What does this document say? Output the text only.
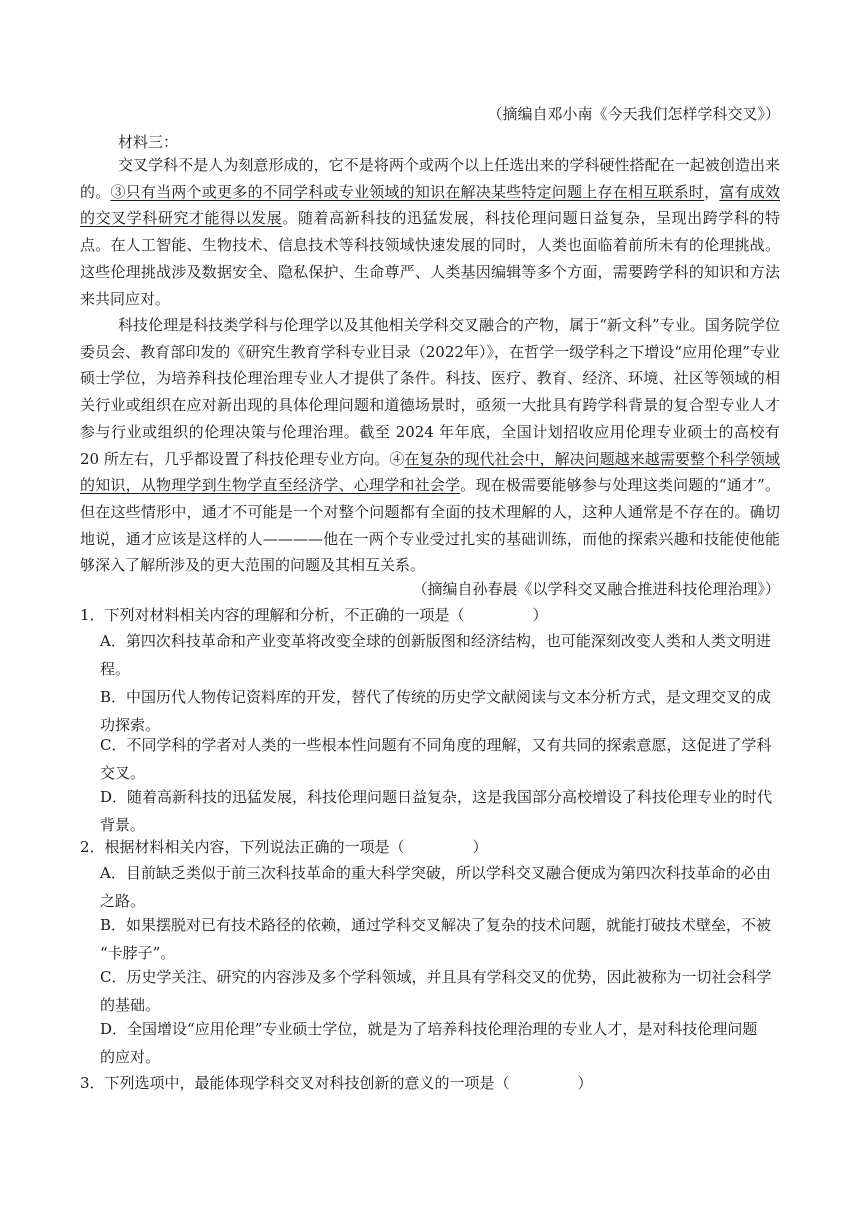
（摘编自邓小南《今天我们怎样学科交叉》）
材料三：
交叉学科不是人为刻意形成的，它不是将两个或两个以上任选出来的学科硬性搭配在一起被创造出来的。③只有当两个或更多的不同学科或专业领域的知识在解决某些特定问题上存在相互联系时，富有成效的交叉学科研究才能得以发展。随着高新科技的迅猛发展，科技伦理问题日益复杂，呈现出跨学科的特点。在人工智能、生物技术、信息技术等科技领域快速发展的同时，人类也面临着前所未有的伦理挑战。这些伦理挑战涉及数据安全、隐私保护、生命尊严、人类基因编辑等多个方面，需要跨学科的知识和方法来共同应对。
科技伦理是科技类学科与伦理学以及其他相关学科交叉融合的产物，属于“新文科”专业。国务院学位委员会、教育部印发的《研究生教育学科专业目录（2022年）》，在哲学一级学科之下增设“应用伦理”专业硕士学位，为培养科技伦理治理专业人才提供了条件。科技、医疗、教育、经济、环境、社区等领域的相关行业或组织在应对新出现的具体伦理问题和道德场景时，亟须一大批具有跨学科背景的复合型专业人才参与行业或组织的伦理决策与伦理治理。截至 2024 年年底，全国计划招收应用伦理专业硕士的高校有 20 所左右，几乎都设置了科技伦理专业方向。④在复杂的现代社会中，解决问题越来越需要整个科学领域的知识，从物理学到生物学直至经济学、心理学和社会学。现在极需要能够参与处理这类问题的“通才”。但在这些情形中，通才不可能是一个对整个问题都有全面的技术理解的人，这种人通常是不存在的。确切地说，通才应该是这样的人————他在一两个专业受过扎实的基础训练，而他的探索兴趣和技能使他能够深入了解所涉及的更大范围的问题及其相互关系。
（摘编自孙春晨《以学科交叉融合推进科技伦理治理》）
1．下列对材料相关内容的理解和分析，不正确的一项是（	）
A．第四次科技革命和产业变革将改变全球的创新版图和经济结构，也可能深刻改变人类和人类文明进
程。
B．中国历代人物传记资料库的开发，替代了传统的历史学文献阅读与文本分析方式，是文理交叉的成
功探索。
C．不同学科的学者对人类的一些根本性问题有不同角度的理解，又有共同的探索意愿，这促进了学科
交叉。
D．随着高新科技的迅猛发展，科技伦理问题日益复杂，这是我国部分高校增设了科技伦理专业的时代
背景。
2．根据材料相关内容，下列说法正确的一项是（	）
A．目前缺乏类似于前三次科技革命的重大科学突破，所以学科交叉融合便成为第四次科技革命的必由
之路。
B．如果摆脱对已有技术路径的依赖，通过学科交叉解决了复杂的技术问题，就能打破技术壁垒，不被
“卡脖子”。
C．历史学关注、研究的内容涉及多个学科领域，并且具有学科交叉的优势，因此被称为一切社会科学
的基础。
D．全国增设“应用伦理”专业硕士学位，就是为了培养科技伦理治理的专业人才，是对科技伦理问题
的应对。
3．下列选项中，最能体现学科交叉对科技创新的意义的一项是（	）
